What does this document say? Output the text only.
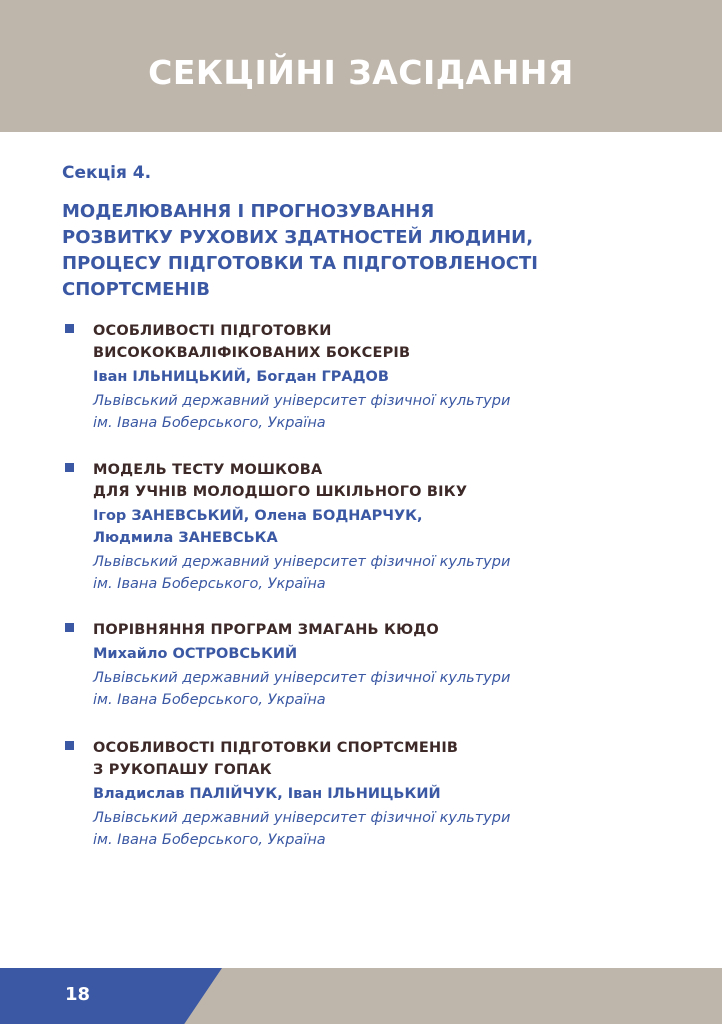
СЕКЦІЙНІ ЗАСІДАННЯ
Секція 4.
МОДЕЛЮВАННЯ І ПРОГНОЗУВАННЯ
РОЗВИТКУ РУХОВИХ ЗДАТНОСТЕЙ ЛЮДИНИ,
ПРОЦЕСУ ПІДГОТОВКИ ТА ПІДГОТОВЛЕНОСТІ
СПОРТСМЕНІВ
ОСОБЛИВОСТІ ПІДГОТОВКИ
ВИСОКОКВАЛІФІКОВАНИХ БОКСЕРІВ
Іван ІЛЬНИЦЬКИЙ, Богдан ГРАДОВ
Львівський державний університет фізичної культури
ім. Івана Боберського, Україна
МОДЕЛЬ ТЕСТУ МОШКОВА
ДЛЯ УЧНІВ МОЛОДШОГО ШКІЛЬНОГО ВІКУ
Ігор ЗАНЕВСЬКИЙ, Олена БОДНАРЧУК,
Людмила ЗАНЕВСЬКА
Львівський державний університет фізичної культури
ім. Івана Боберського, Україна
ПОРІВНЯННЯ ПРОГРАМ ЗМАГАНЬ КЮДО
Михайло ОСТРОВСЬКИЙ
Львівський державний університет фізичної культури
ім. Івана Боберського, Україна
ОСОБЛИВОСТІ ПІДГОТОВКИ СПОРТСМЕНІВ
З РУКОПАШУ ГОПАК
Владислав ПАЛІЙЧУК, Іван ІЛЬНИЦЬКИЙ
Львівський державний університет фізичної культури
ім. Івана Боберського, Україна
18
